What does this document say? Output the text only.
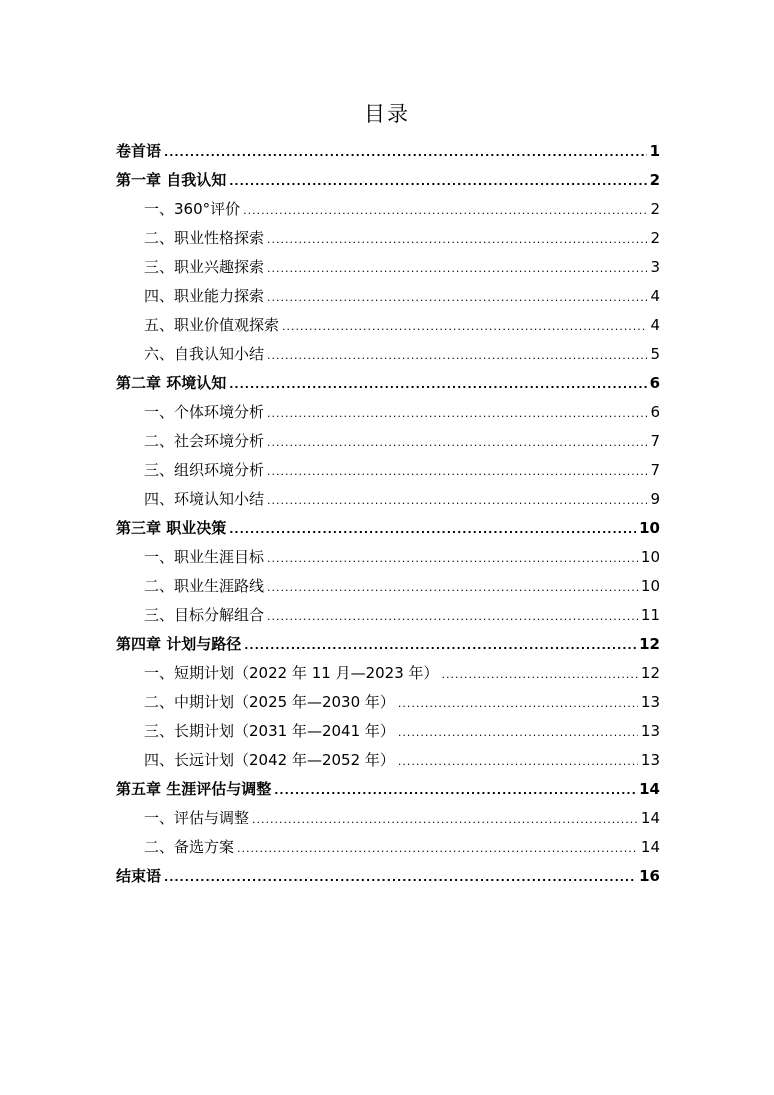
目录
卷首语 .....	1
第一章 自我认知 .....	2
一、360°评价 .....	2
二、职业性格探索 .....	2
三、职业兴趣探索 .....	3
四、职业能力探索 .....	4
五、职业价值观探索 .....	4
六、自我认知小结 .....	5
第二章 环境认知 .....	6
一、个体环境分析 .....	6
二、社会环境分析 .....	7
三、组织环境分析 .....	7
四、环境认知小结 .....	9
第三章 职业决策 .....	10
一、职业生涯目标 .....	10
二、职业生涯路线 .....	10
三、目标分解组合 .....	11
第四章 计划与路径 .....	12
一、短期计划（2022 年 11 月—2023 年） .....	12
二、中期计划（2025 年—2030 年） .....	13
三、长期计划（2031 年—2041 年） .....	13
四、长远计划（2042 年—2052 年） .....	13
第五章 生涯评估与调整 .....	14
一、评估与调整 .....	14
二、备选方案 .....	14
结束语 .....	16
